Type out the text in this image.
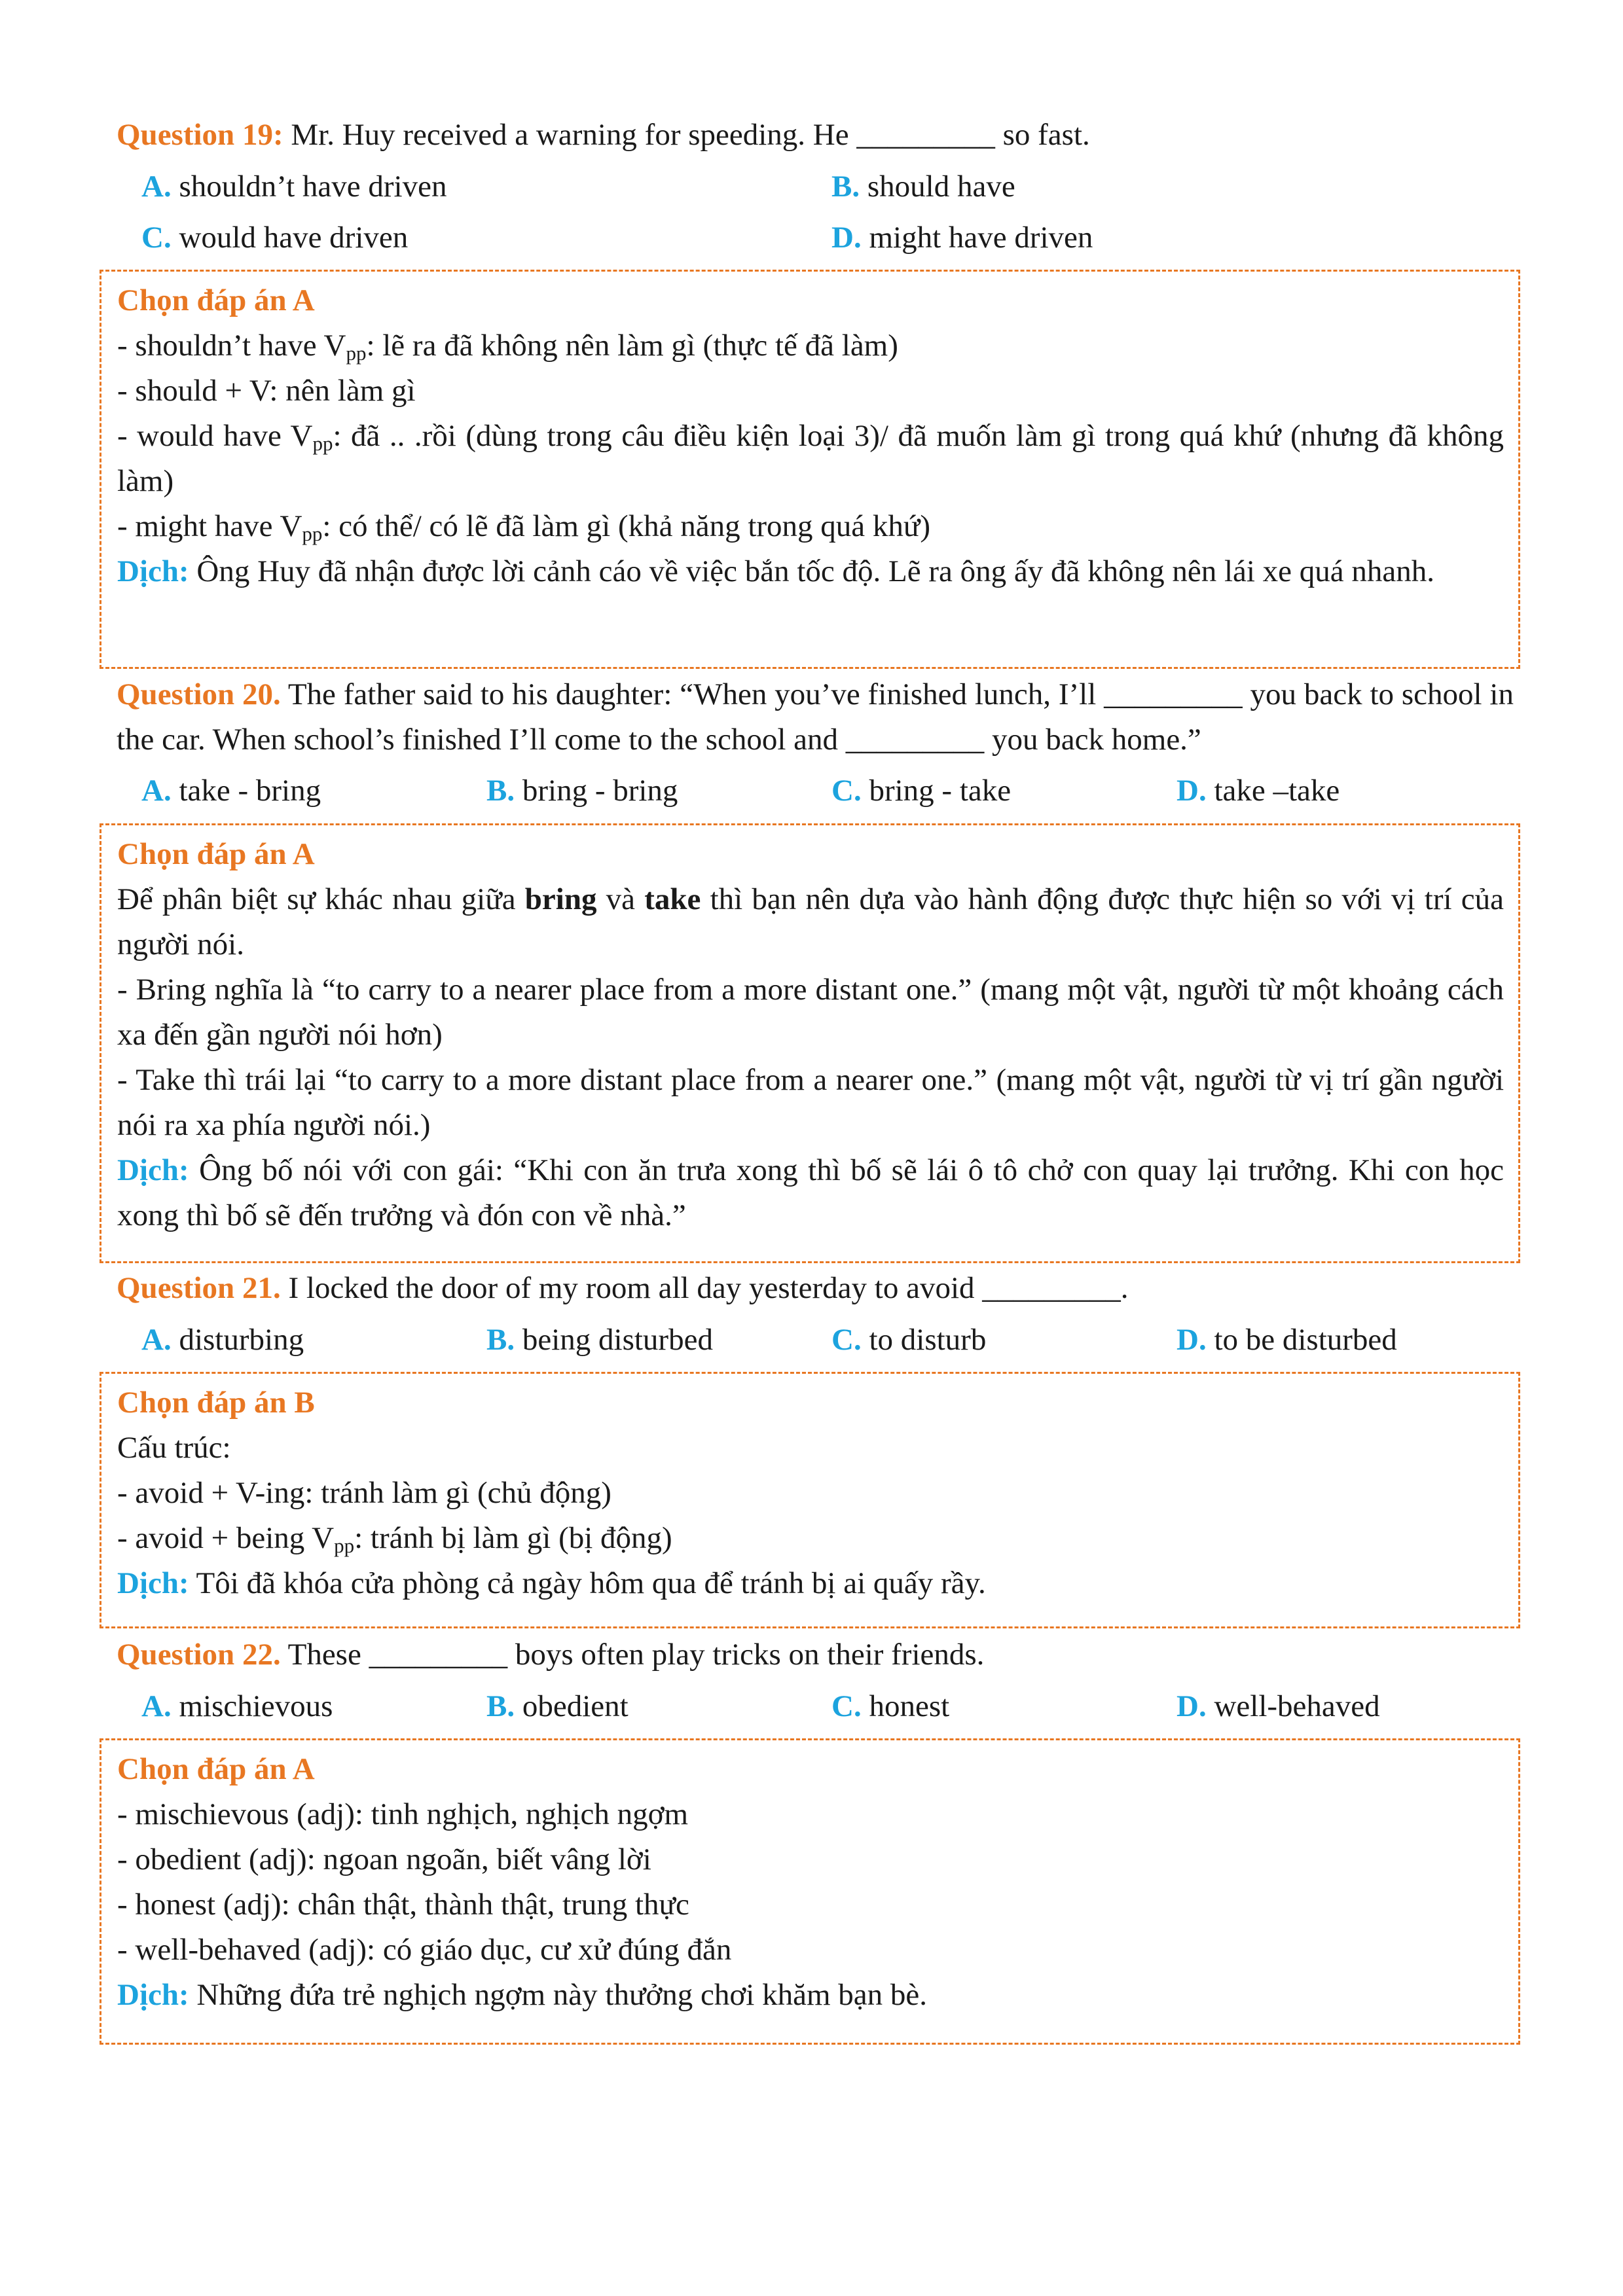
Question 19: Mr. Huy received a warning for speeding. He _________ so fast.
A. shouldn’t have driven	B. should have
C. would have driven	D. might have driven

Chọn đáp án A

- shouldn’t have $V_{pp}$: lẽ ra đã không nên làm gì (thực tế đã làm)

- should + V: nên làm gì

- would have $V_{pp}$: đã .. .rồi (dùng trong câu điều kiện loại 3)/ đã muốn làm gì trong quá khứ (nhưng đã không làm)

- might have $V_{pp}$: có thể/ có lẽ đã làm gì (khả năng trong quá khứ)

Dịch: Ông Huy đã nhận được lời cảnh cáo về việc bắn tốc độ. Lẽ ra ông ấy đã không nên lái xe quá nhanh.

Question 20. The father said to his daughter: “When you’ve finished lunch, I’ll _________ you back to school in the car. When school’s finished I’ll come to the school and _________ you back home.”
A. take - bring	B. bring - bring	C. bring - take	D. take –take

Chọn đáp án A

Để phân biệt sự khác nhau giữa bring và take thì bạn nên dựa vào hành động được thực hiện so với vị trí của người nói.

- Bring nghĩa là “to carry to a nearer place from a more distant one.” (mang một vật, người từ một khoảng cách xa đến gần người nói hơn)

- Take thì trái lại “to carry to a more distant place from a nearer one.” (mang một vật, người từ vị trí gần người nói ra xa phía người nói.)

Dịch: Ông bố nói với con gái: “Khi con ăn trưa xong thì bố sẽ lái ô tô chở con quay lại trưởng. Khi con học xong thì bố sẽ đến trưởng và đón con về nhà.”

Question 21. I locked the door of my room all day yesterday to avoid _________.
A. disturbing	B. being disturbed	C. to disturb	D. to be disturbed

Chọn đáp án B

Cấu trúc:

- avoid + V-ing: tránh làm gì (chủ động)

- avoid + being $V_{pp}$: tránh bị làm gì (bị động)

Dịch: Tôi đã khóa cửa phòng cả ngày hôm qua để tránh bị ai quấy rầy.

Question 22. These _________ boys often play tricks on their friends.
A. mischievous	B. obedient	C. honest	D. well-behaved

Chọn đáp án A

- mischievous (adj): tinh nghịch, nghịch ngợm

- obedient (adj): ngoan ngoãn, biết vâng lời

- honest (adj): chân thật, thành thật, trung thực

- well-behaved (adj): có giáo dục, cư xử đúng đắn

Dịch: Những đứa trẻ nghịch ngợm này thưởng chơi khăm bạn bè.
